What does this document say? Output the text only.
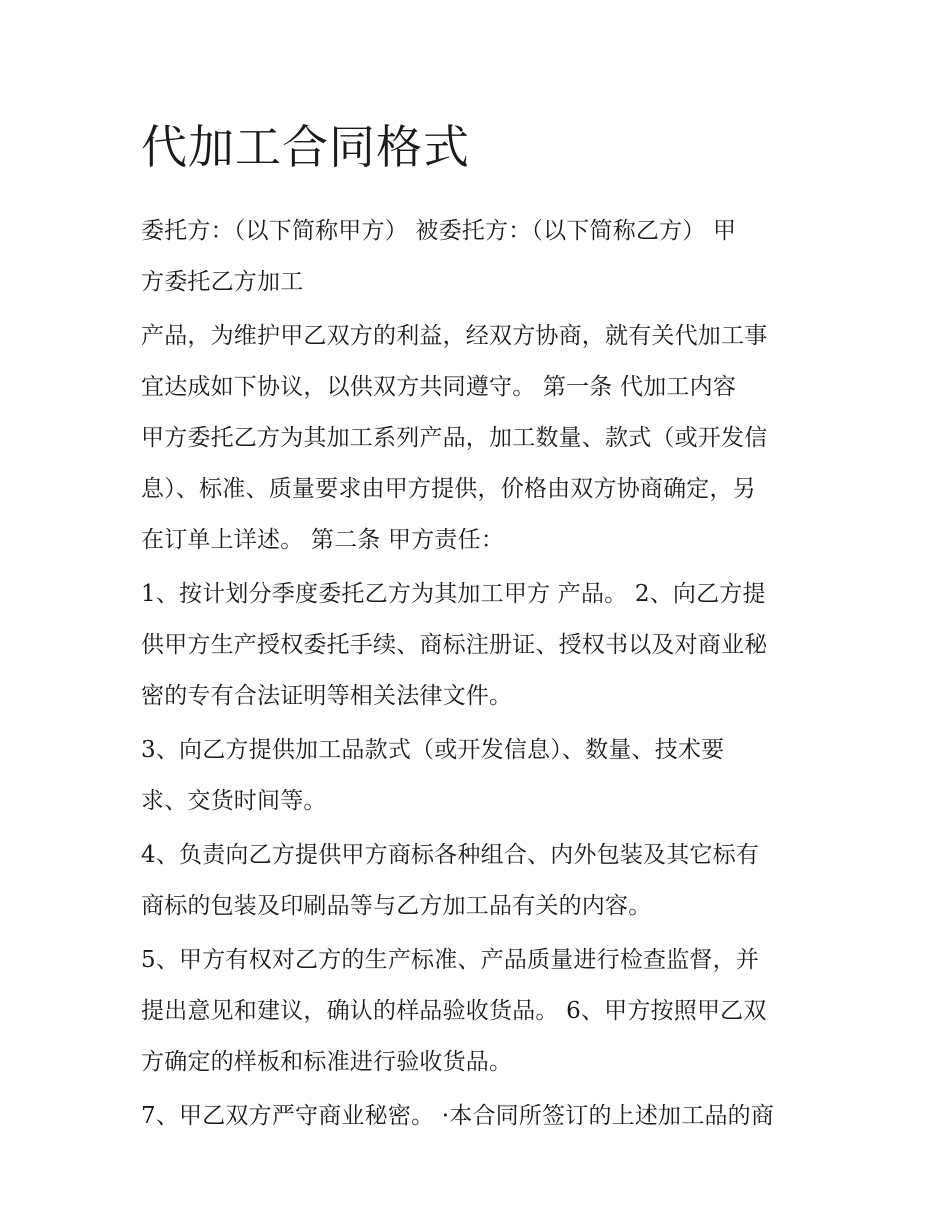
代加工合同格式

委托方：（以下简称甲方） 被委托方：（以下简称乙方） 甲
方委托乙方加工

产品，为维护甲乙双方的利益，经双方协商，就有关代加工事
宜达成如下协议，以供双方共同遵守。 第一条 代加工内容
甲方委托乙方为其加工系列产品，加工数量、款式（或开发信
息）、标准、质量要求由甲方提供，价格由双方协商确定，另
在订单上详述。 第二条 甲方责任：

1、按计划分季度委托乙方为其加工甲方 产品。 2、向乙方提
供甲方生产授权委托手续、商标注册证、授权书以及对商业秘
密的专有合法证明等相关法律文件。

3、向乙方提供加工品款式（或开发信息）、数量、技术要
求、交货时间等。

4、负责向乙方提供甲方商标各种组合、内外包装及其它标有
商标的包装及印刷品等与乙方加工品有关的内容。

5、甲方有权对乙方的生产标准、产品质量进行检查监督，并
提出意见和建议，确认的样品验收货品。 6、甲方按照甲乙双
方确定的样板和标准进行验收货品。

7、甲乙双方严守商业秘密。 ·本合同所签订的上述加工品的商
